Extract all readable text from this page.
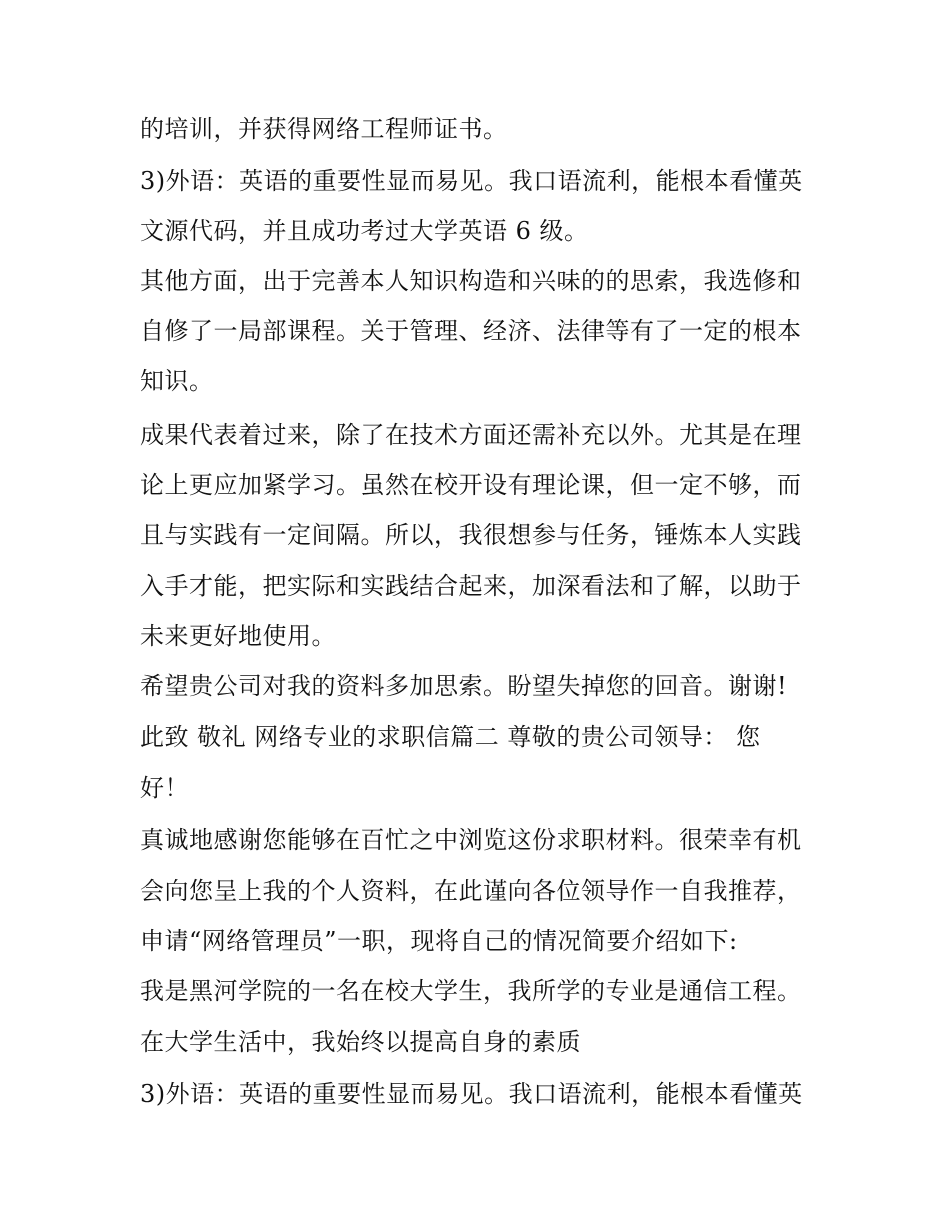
的培训，并获得网络工程师证书。
3)外语：英语的重要性显而易见。我口语流利，能根本看懂英
文源代码，并且成功考过大学英语 6 级。
其他方面，出于完善本人知识构造和兴味的的思索，我选修和
自修了一局部课程。关于管理、经济、法律等有了一定的根本
知识。
成果代表着过来，除了在技术方面还需补充以外。尤其是在理
论上更应加紧学习。虽然在校开设有理论课，但一定不够，而
且与实践有一定间隔。所以，我很想参与任务，锤炼本人实践
入手才能，把实际和实践结合起来，加深看法和了解，以助于
未来更好地使用。
希望贵公司对我的资料多加思索。盼望失掉您的回音。谢谢!
此致 敬礼 网络专业的求职信篇二 尊敬的贵公司领导： 您
好！
真诚地感谢您能够在百忙之中浏览这份求职材料。很荣幸有机
会向您呈上我的个人资料，在此谨向各位领导作一自我推荐，
申请“网络管理员”一职，现将自己的情况简要介绍如下:
我是黑河学院的一名在校大学生，我所学的专业是通信工程。
在大学生活中，我始终以提高自身的素质
3)外语：英语的重要性显而易见。我口语流利，能根本看懂英
